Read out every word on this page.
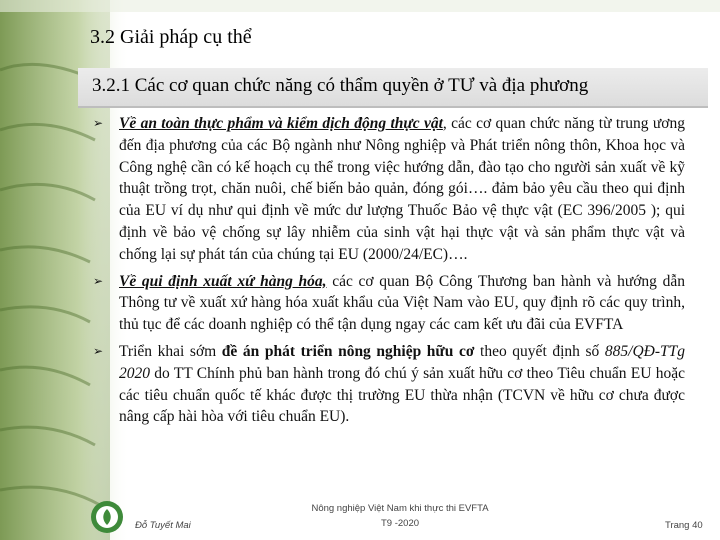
3.2 Giải pháp cụ thể
3.2.1 Các cơ quan chức năng có thẩm quyền ở TƯ và địa phương
➢ Về an toàn thực phẩm và kiểm dịch động thực vật, các cơ quan chức năng từ trung ương đến địa phương của các Bộ ngành như Nông nghiệp và Phát triển nông thôn, Khoa học và Công nghệ cần có kế hoạch cụ thể trong việc hướng dẫn, đào tạo cho người sản xuất về kỹ thuật trồng trọt, chăn nuôi, chế biến bảo quản, đóng gói…. đảm bảo yêu cầu theo qui định của EU ví dụ như qui định về mức dư lượng Thuốc Bảo vệ thực vật (EC 396/2005 ); qui định về bảo vệ chống sự lây nhiễm của sinh vật hại thực vật và sản phẩm thực vật và chống lại sự phát tán của chúng tại EU (2000/24/EC)….
➢ Về qui định xuất xứ hàng hóa, các cơ quan Bộ Công Thương ban hành và hướng dẫn Thông tư về xuất xứ hàng hóa xuất khẩu của Việt Nam vào EU, quy định rõ các quy trình, thủ tục để các doanh nghiệp có thể tận dụng ngay các cam kết ưu đãi của EVFTA
➢ Triển khai sớm đề án phát triển nông nghiệp hữu cơ theo quyết định số 885/QĐ-TTg 2020 do TT Chính phủ ban hành trong đó chú ý sản xuất hữu cơ theo Tiêu chuẩn EU hoặc các tiêu chuẩn quốc tế khác được thị trường EU thừa nhận (TCVN về hữu cơ chưa được nâng cấp hài hòa với tiêu chuẩn EU).
Nông nghiệp Việt Nam khi thực thi EVFTA
T9 -2020
Đỗ Tuyết Mai	Trang 40
